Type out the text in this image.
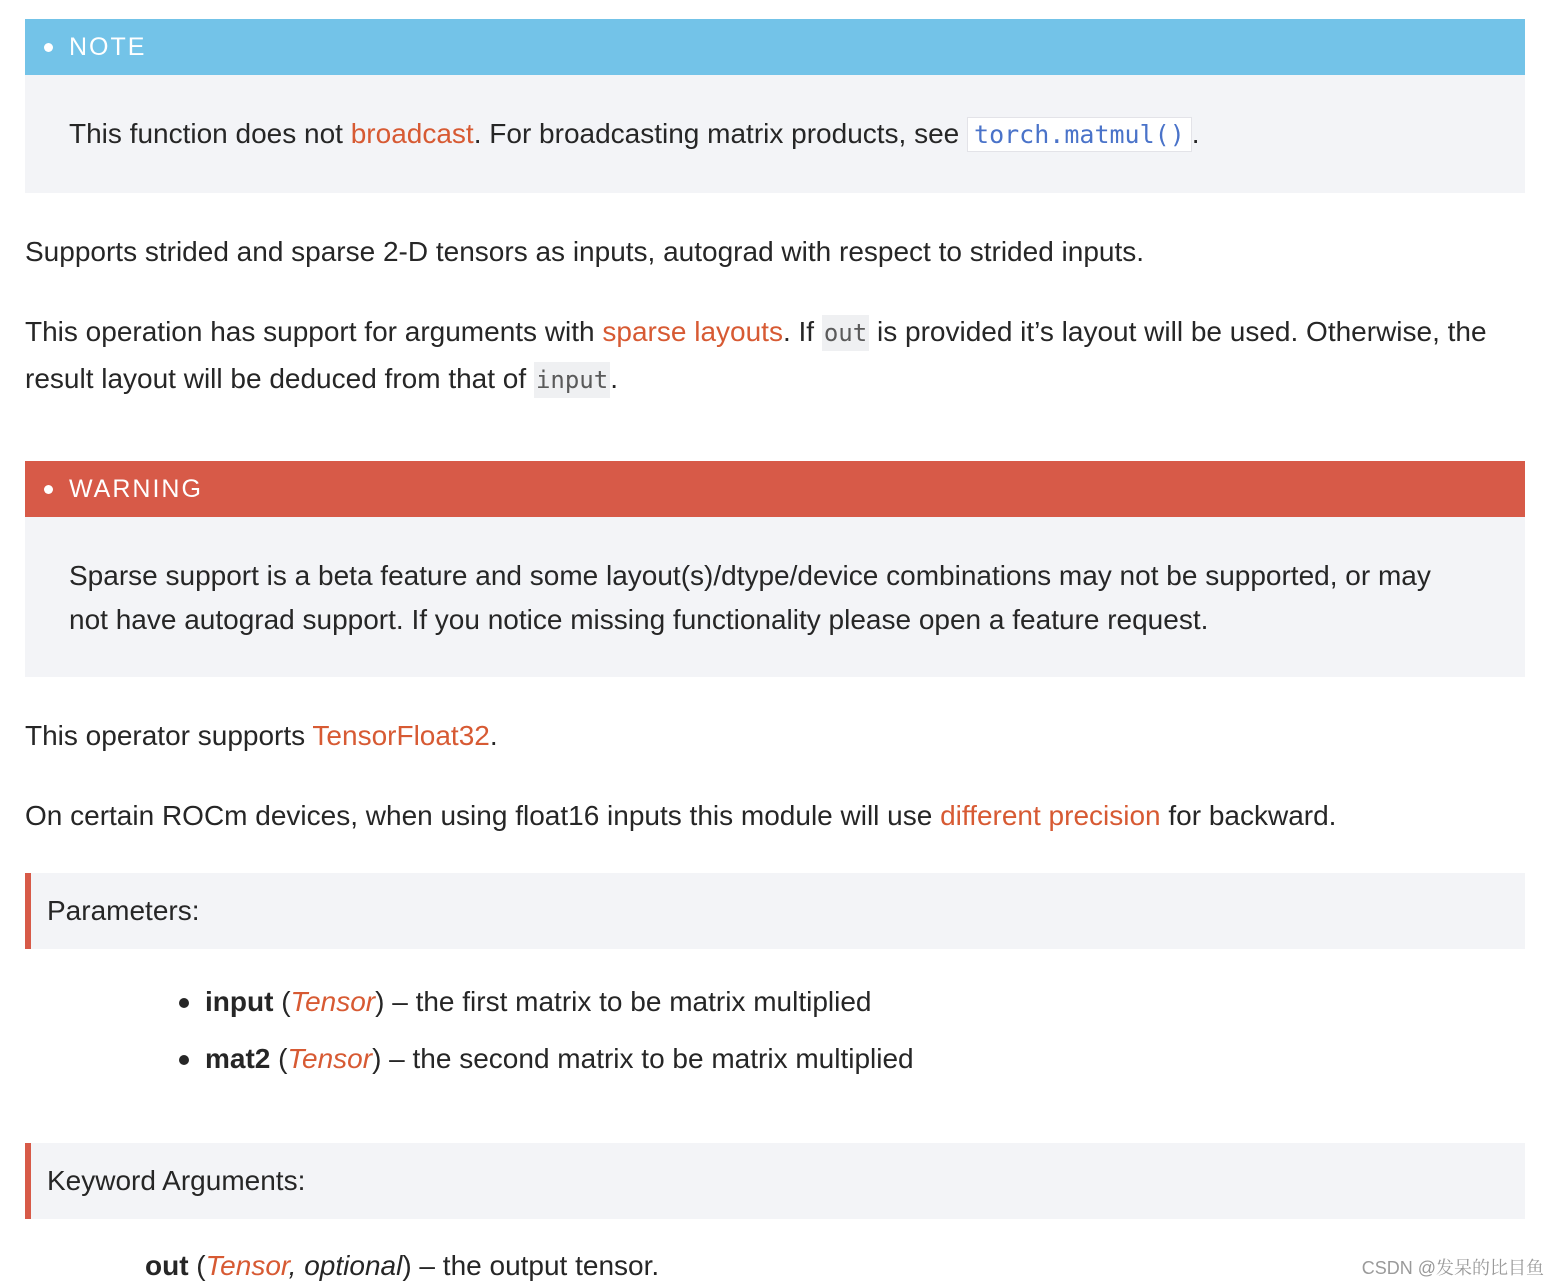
NOTE
This function does not broadcast. For broadcasting matrix products, see torch.matmul() .
Supports strided and sparse 2-D tensors as inputs, autograd with respect to strided inputs.
This operation has support for arguments with sparse layouts. If out is provided it’s layout will be used. Otherwise, the result layout will be deduced from that of input.
WARNING
Sparse support is a beta feature and some layout(s)/dtype/device combinations may not be supported, or may not have autograd support. If you notice missing functionality please open a feature request.
This operator supports TensorFloat32.
On certain ROCm devices, when using float16 inputs this module will use different precision for backward.
Parameters:
input (Tensor) – the first matrix to be matrix multiplied
mat2 (Tensor) – the second matrix to be matrix multiplied
Keyword Arguments:
out (Tensor, optional) – the output tensor.	CSDN @发呆的比目鱼
